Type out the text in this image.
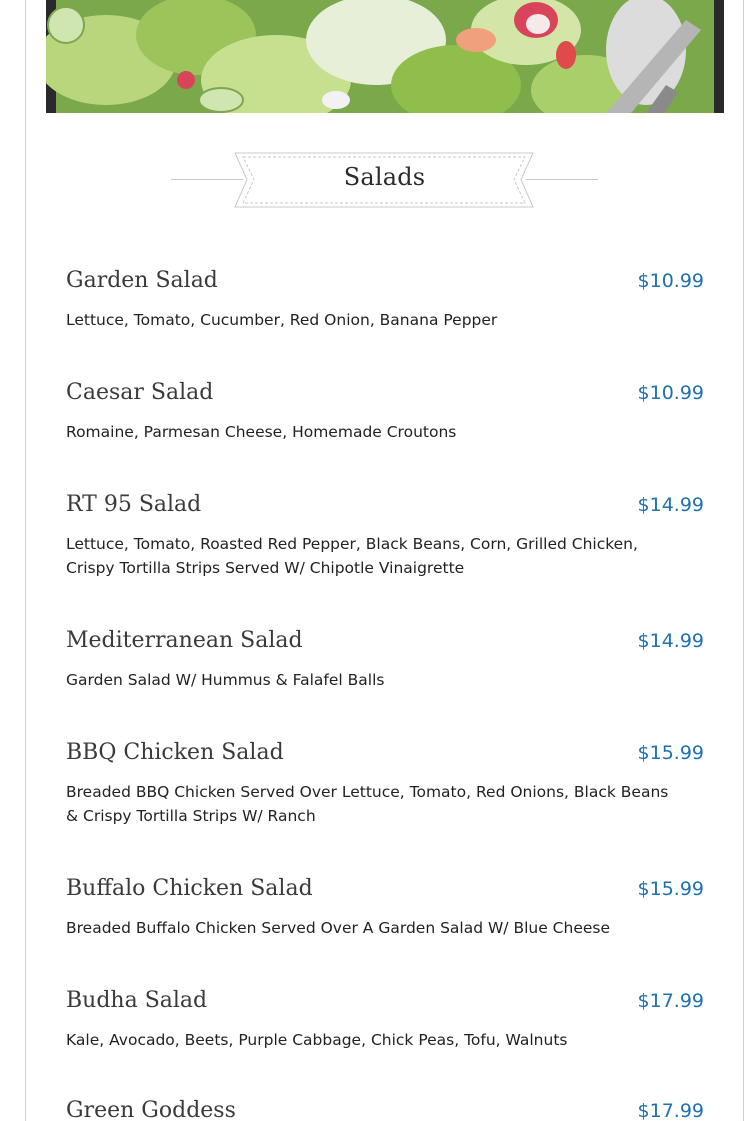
Salads
Garden Salad	$10.99
Lettuce, Tomato, Cucumber, Red Onion, Banana Pepper
Caesar Salad	$10.99
Romaine, Parmesan Cheese, Homemade Croutons
RT 95 Salad	$14.99
Lettuce, Tomato, Roasted Red Pepper, Black Beans, Corn, Grilled Chicken, Crispy Tortilla Strips Served W/ Chipotle Vinaigrette
Mediterranean Salad	$14.99
Garden Salad W/ Hummus & Falafel Balls
BBQ Chicken Salad	$15.99
Breaded BBQ Chicken Served Over Lettuce, Tomato, Red Onions, Black Beans & Crispy Tortilla Strips W/ Ranch
Buffalo Chicken Salad	$15.99
Breaded Buffalo Chicken Served Over A Garden Salad W/ Blue Cheese
Budha Salad	$17.99
Kale, Avocado, Beets, Purple Cabbage, Chick Peas, Tofu, Walnuts
Green Goddess	$17.99
